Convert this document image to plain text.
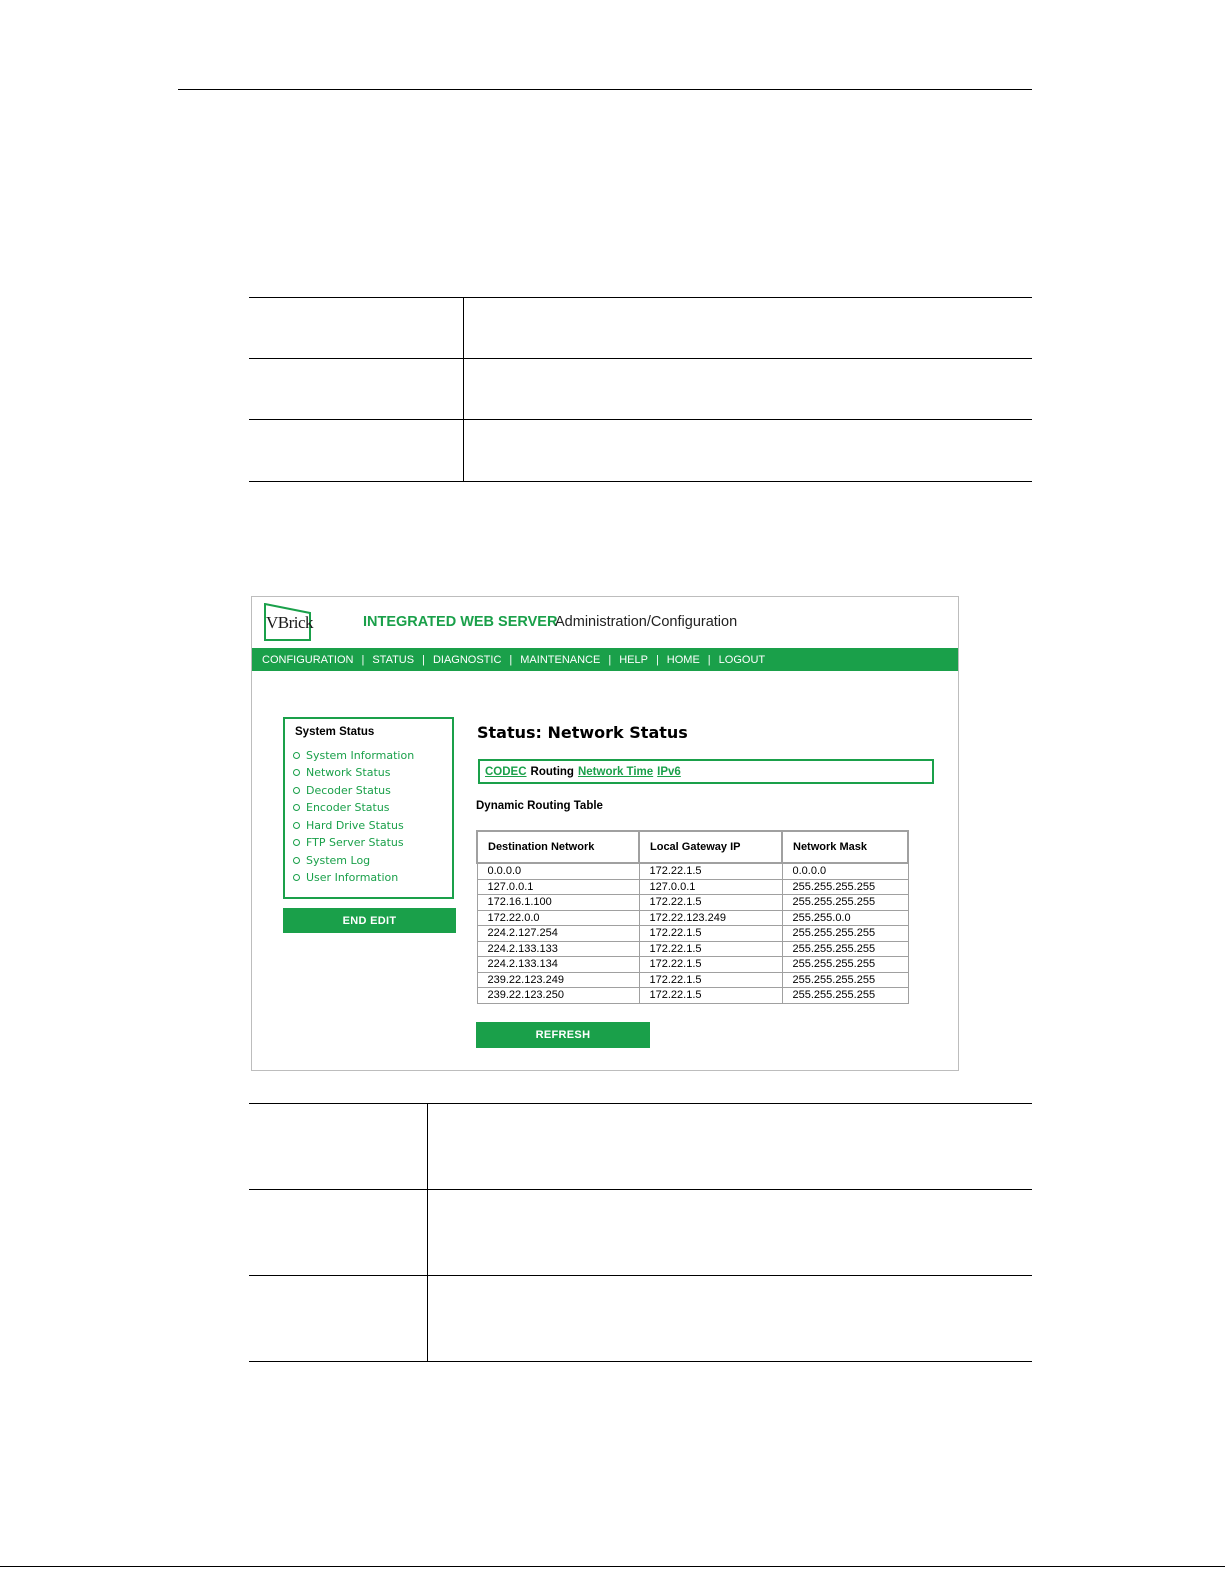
VBrick	INTEGRATED WEB SERVER
Administration/Configuration
CONFIGURATION | STATUS | DIAGNOSTIC | MAINTENANCE | HELP | HOME | LOGOUT
System Status
System Information
Network Status
Decoder Status
Encoder Status
Hard Drive Status
FTP Server Status
System Log
User Information
END EDIT
Status: Network Status
CODEC Routing Network Time IPv6
Dynamic Routing Table
Destination Network	Local Gateway IP	Network Mask
0.0.0.0	172.22.1.5	0.0.0.0
127.0.0.1	127.0.0.1	255.255.255.255
172.16.1.100	172.22.1.5	255.255.255.255
172.22.0.0	172.22.123.249	255.255.0.0
224.2.127.254	172.22.1.5	255.255.255.255
224.2.133.133	172.22.1.5	255.255.255.255
224.2.133.134	172.22.1.5	255.255.255.255
239.22.123.249	172.22.1.5	255.255.255.255
239.22.123.250	172.22.1.5	255.255.255.255
REFRESH
